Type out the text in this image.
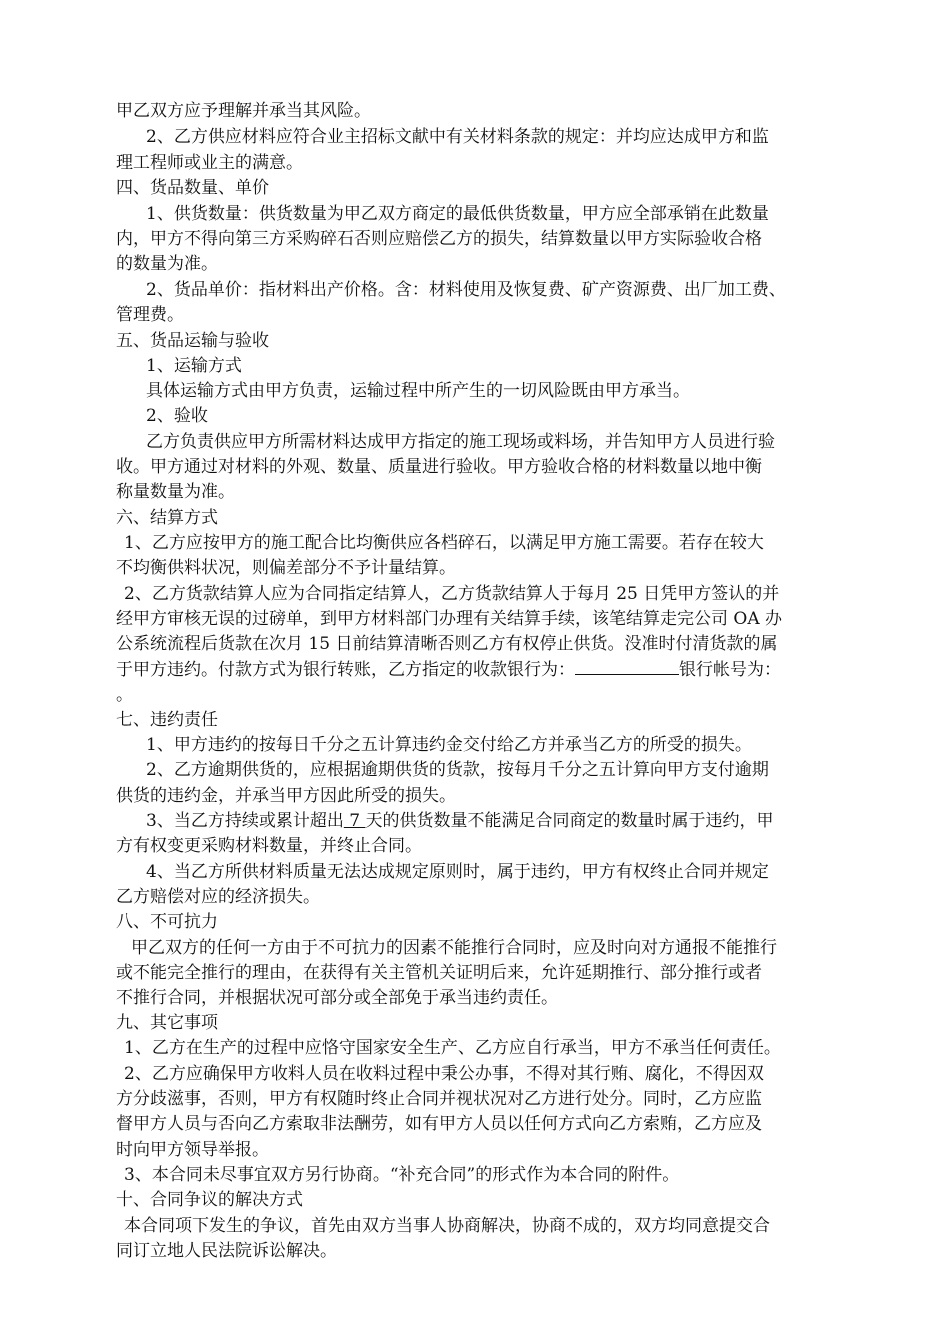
甲乙双方应予理解并承当其风险。
2、乙方供应材料应符合业主招标文献中有关材料条款的规定：并均应达成甲方和监
理工程师或业主的满意。
四、货品数量、单价
1、供货数量：供货数量为甲乙双方商定的最低供货数量，甲方应全部承销在此数量
内，甲方不得向第三方采购碎石否则应赔偿乙方的损失，结算数量以甲方实际验收合格
的数量为准。
2、货品单价：指材料出产价格。含：材料使用及恢复费、矿产资源费、出厂加工费、
管理费。
五、货品运输与验收
1、运输方式
具体运输方式由甲方负责，运输过程中所产生的一切风险既由甲方承当。
2、验收
乙方负责供应甲方所需材料达成甲方指定的施工现场或料场，并告知甲方人员进行验
收。甲方通过对材料的外观、数量、质量进行验收。甲方验收合格的材料数量以地中衡
称量数量为准。
六、结算方式
1、乙方应按甲方的施工配合比均衡供应各档碎石，以满足甲方施工需要。若存在较大
不均衡供料状况，则偏差部分不予计量结算。
2、乙方货款结算人应为合同指定结算人，乙方货款结算人于每月 25 日凭甲方签认的并
经甲方审核无误的过磅单，到甲方材料部门办理有关结算手续，该笔结算走完公司 OA 办
公系统流程后货款在次月 15 日前结算清晰否则乙方有权停止供货。没准时付清货款的属
于甲方违约。付款方式为银行转账，乙方指定的收款银行为：	银行帐号为：
。
七、违约责任
1、甲方违约的按每日千分之五计算违约金交付给乙方并承当乙方的所受的损失。
2、乙方逾期供货的，应根据逾期供货的货款，按每月千分之五计算向甲方支付逾期
供货的违约金，并承当甲方因此所受的损失。
3、当乙方持续或累计超出 7 天的供货数量不能满足合同商定的数量时属于违约，甲
方有权变更采购材料数量，并终止合同。
4、当乙方所供材料质量无法达成规定原则时，属于违约，甲方有权终止合同并规定
乙方赔偿对应的经济损失。
八、不可抗力
甲乙双方的任何一方由于不可抗力的因素不能推行合同时，应及时向对方通报不能推行
或不能完全推行的理由，在获得有关主管机关证明后来，允许延期推行、部分推行或者
不推行合同，并根据状况可部分或全部免于承当违约责任。
九、其它事项
1、乙方在生产的过程中应恪守国家安全生产、乙方应自行承当，甲方不承当任何责任。
2、乙方应确保甲方收料人员在收料过程中秉公办事，不得对其行贿、腐化，不得因双
方分歧滋事，否则，甲方有权随时终止合同并视状况对乙方进行处分。同时，乙方应监
督甲方人员与否向乙方索取非法酬劳，如有甲方人员以任何方式向乙方索贿，乙方应及
时向甲方领导举报。
3、本合同未尽事宜双方另行协商。“补充合同”的形式作为本合同的附件。
十、合同争议的解决方式
本合同项下发生的争议，首先由双方当事人协商解决，协商不成的，双方均同意提交合
同订立地人民法院诉讼解决。
